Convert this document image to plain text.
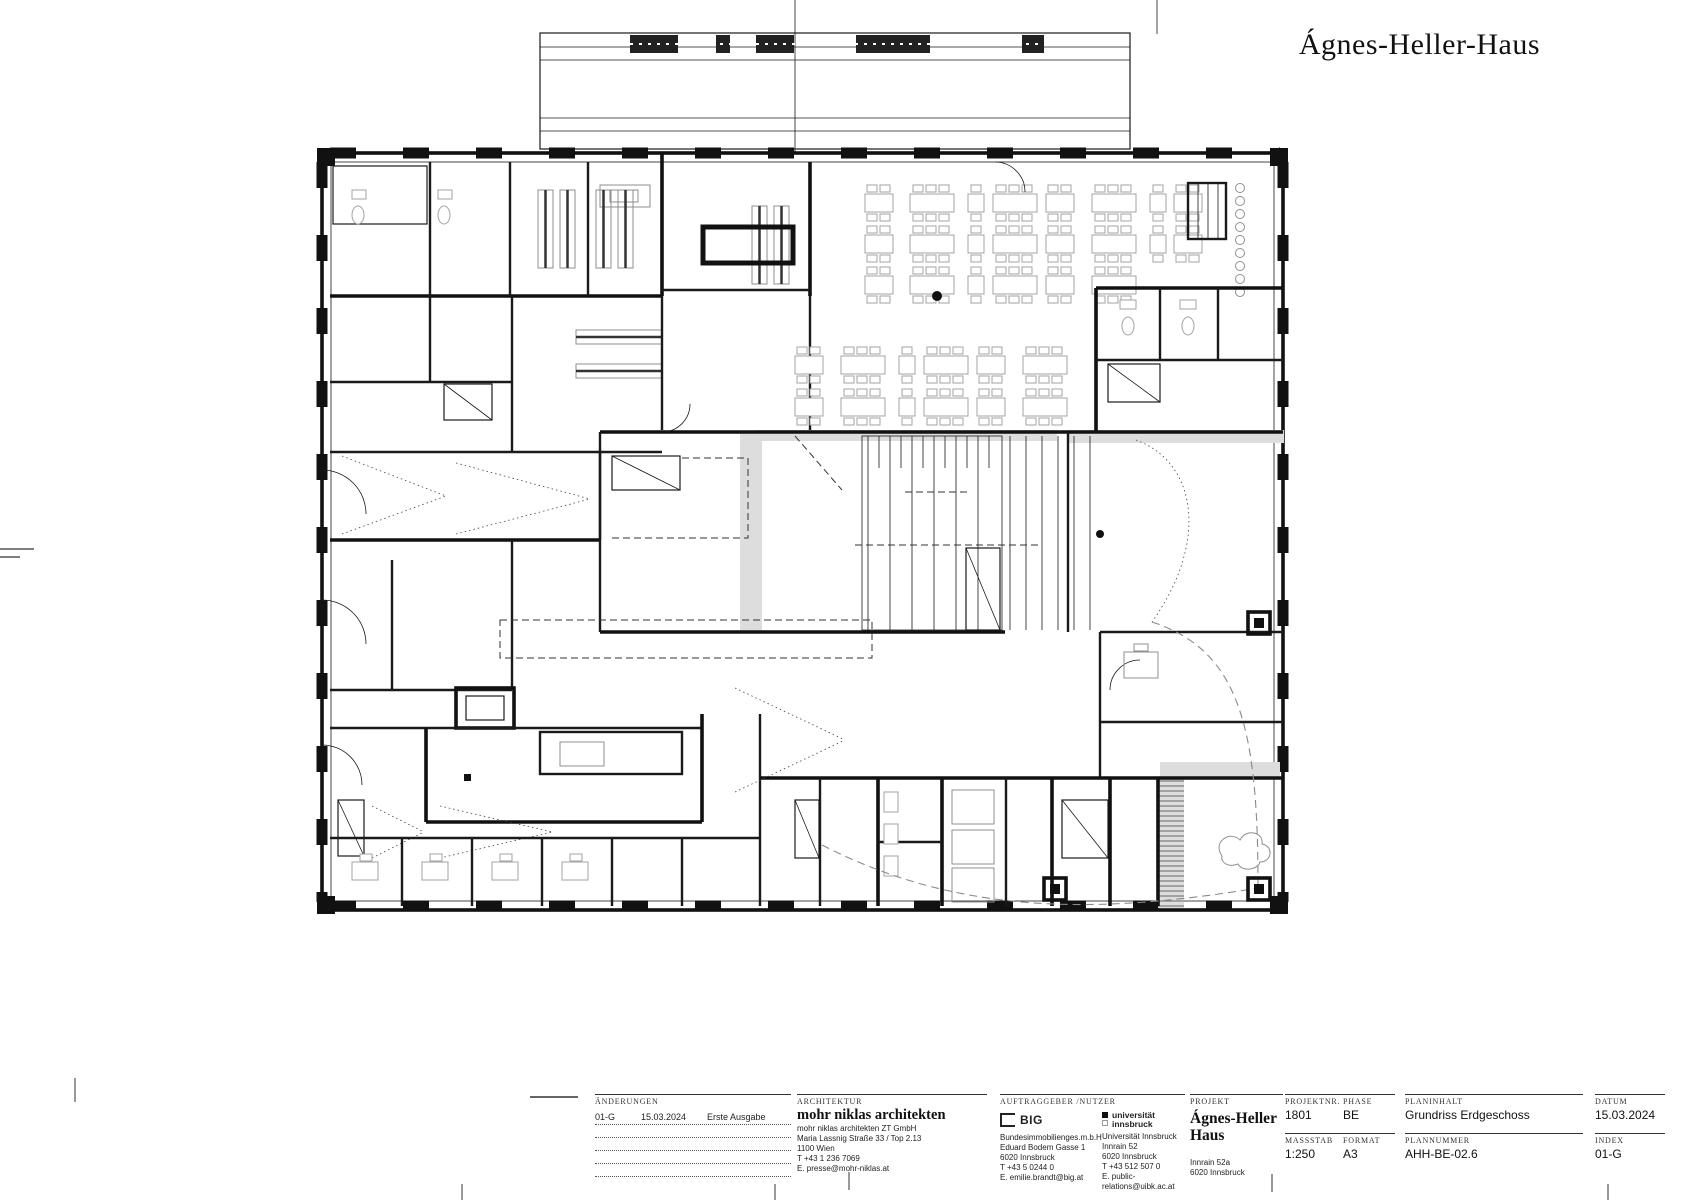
Ágnes-Heller-Haus
ÄNDERUNGEN
01-G	15.03.2024 Erste Ausgabe
ARCHITEKTUR
mohr niklas architekten
mohr niklas architekten ZT GmbH
Maria Lassnig Straße 33 / Top 2.13
1100 Wien
T +43 1 236 7069
E. presse@mohr-niklas.at
AUFTRAGGEBER /NUTZER
BIG
Bundesimmobilienges.m.b.H
Eduard Bodem Gasse 1
6020 Innsbruck
T +43 5 0244 0
E. emilie.brandt@big.at
universität
innsbruck
Universität Innsbruck
Innrain 52
6020 Innsbruck
T +43 512 507 0
E. public-relations@uibk.ac.at
PROJEKT
Ágnes-Heller
Haus
Innrain 52a
6020 Innsbruck
PROJEKTNR.
1801
PHASE
BE
MASSSTAB
1:250
FORMAT
A3
PLANINHALT
Grundriss Erdgeschoss
PLANNUMMER
AHH-BE-02.6
DATUM
15.03.2024
INDEX
01-G
